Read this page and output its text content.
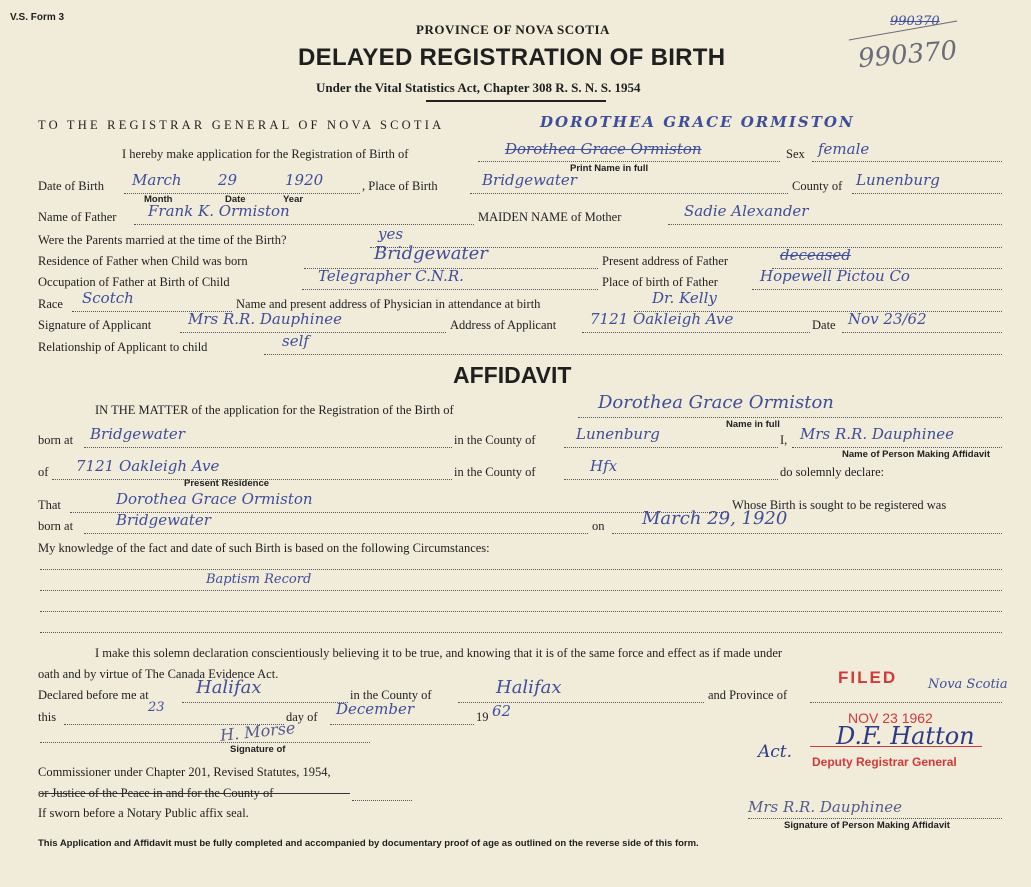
V.S. Form 3
PROVINCE OF NOVA SCOTIA
DELAYED REGISTRATION OF BIRTH
Under the Vital Statistics Act, Chapter 308 R. S. N. S. 1954
990370
990370
TO THE REGISTRAR GENERAL OF NOVA SCOTIA	DOROTHEA GRACE ORMISTON
I hereby make application for the Registration of Birth of	Dorothea Grace Ormiston	Sex female
Print Name in full
Date of Birth March 29	1920	, Place of Birth	Bridgewater	County of Lunenburg
Month	Date	Year
Name of Father Frank K. Ormiston	MAIDEN NAME of Mother	Sadie Alexander
Were the Parents married at the time of the Birth?	yes
Residence of Father when Child was born	Bridgewater	Present address of Father	deceased
Occupation of Father at Birth of Child	Telegrapher C.N.R.	Place of birth of Father	Hopewell Pictou Co
Race Scotch	Name and present address of Physician in attendance at birth	Dr. Kelly
Signature of Applicant Mrs R.R. Dauphinee	Address of Applicant 7121 Oakleigh Ave	Date Nov 23/62
Relationship of Applicant to child	self
AFFIDAVIT
IN THE MATTER of the application for the Registration of the Birth of	Dorothea Grace Ormiston
Name in full
born at Bridgewater	in the County of	Lunenburg	I, Mrs R.R. Dauphinee
Name of Person Making Affidavit
of 7121 Oakleigh Ave	in the County of	Hfx	do solemnly declare:
Present Residence
That	Dorothea Grace Ormiston	Whose Birth is sought to be registered was
born at	Bridgewater	on March 29, 1920
My knowledge of the fact and date of such Birth is based on the following Circumstances:
Baptism Record
I make this solemn declaration conscientiously believing it to be true, and knowing that it is of the same force and effect as if made under
oath and by virtue of The Canada Evidence Act.
Declared before me at	Halifax	in the County of	Halifax	and Province of
Nova Scotia
this
23
day of December	19 62
H. Morse
Signature of
Commissioner under Chapter 201, Revised Statutes, 1954,
or Justice of the Peace in and for the County of
If sworn before a Notary Public affix seal.
FILED
NOV 23 1962
Deputy Registrar General
D.F. Hatton
Act.
Mrs R.R. Dauphinee
Signature of Person Making Affidavit
This Application and Affidavit must be fully completed and accompanied by documentary proof of age as outlined on the reverse side of this form.
